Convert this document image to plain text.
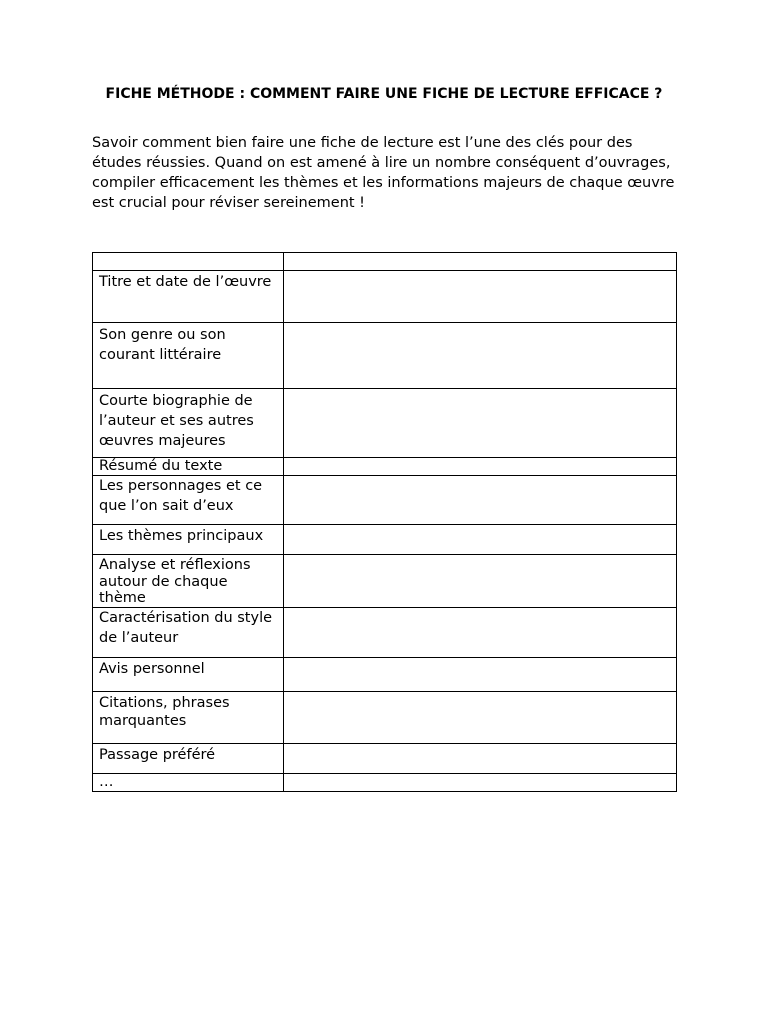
FICHE MÉTHODE : COMMENT FAIRE UNE FICHE DE LECTURE EFFICACE ?
Savoir comment bien faire une fiche de lecture est l’une des clés pour des études réussies. Quand on est amené à lire un nombre conséquent d’ouvrages, compiler efficacement les thèmes et les informations majeurs de chaque œuvre est crucial pour réviser sereinement !

Titre et date de l’œuvre	
Son genre ou son courant littéraire	
Courte biographie de l’auteur et ses autres œuvres majeures	
Résumé du texte	
Les personnages et ce que l’on sait d’eux	
Les thèmes principaux	
Analyse et réflexions autour de chaque thème	
Caractérisation du style de l’auteur	
Avis personnel	
Citations, phrases marquantes	
Passage préféré	
…	
